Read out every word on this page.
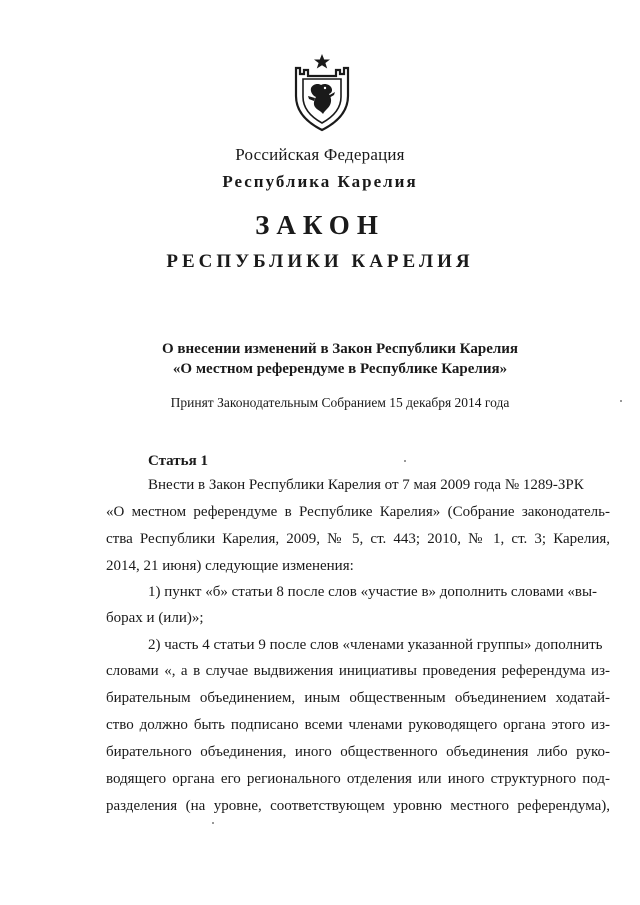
Российская Федерация
Республика Карелия
ЗАКОН
РЕСПУБЛИКИ КАРЕЛИЯ
О внесении изменений в Закон Республики Карелия
«О местном референдуме в Республике Карелия»
Принят Законодательным Собранием 15 декабря 2014 года
Статья 1
Внести в Закон Республики Карелия от 7 мая 2009 года № 1289-ЗРК
«О местном референдуме в Республике Карелия» (Собрание законодатель-
ства Республики Карелия, 2009, № 5, ст. 443; 2010, № 1, ст. 3; Карелия,
2014, 21 июня) следующие изменения:
1) пункт «б» статьи 8 после слов «участие в» дополнить словами «вы-
борах и (или)»;
2) часть 4 статьи 9 после слов «членами указанной группы» дополнить
словами «, а в случае выдвижения инициативы проведения референдума из-
бирательным объединением, иным общественным объединением ходатай-
ство должно быть подписано всеми членами руководящего органа этого из-
бирательного объединения, иного общественного объединения либо руко-
водящего органа его регионального отделения или иного структурного под-
разделения (на уровне, соответствующем уровню местного референдума),
